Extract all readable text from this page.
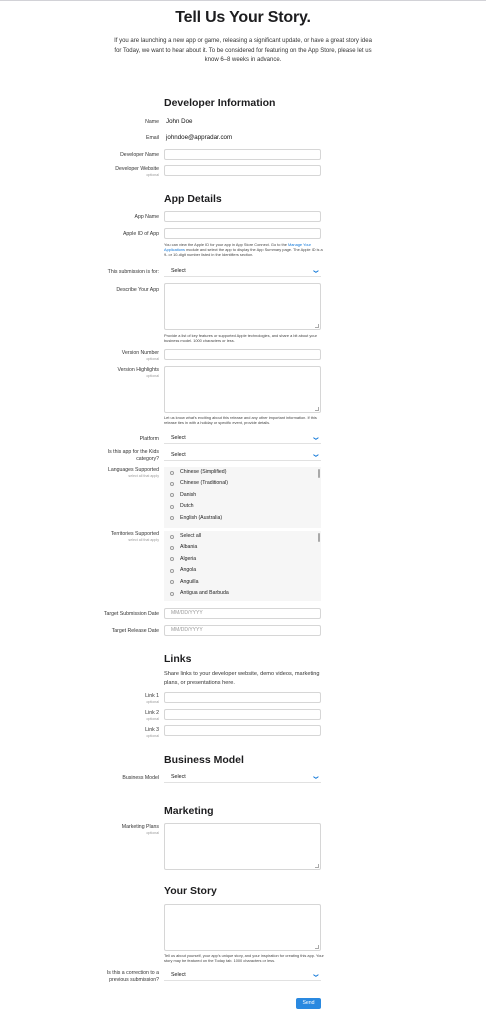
Tell Us Your Story.

If you are launching a new app or game, releasing a significant update, or have a great story idea for Today, we want to hear about it. To be considered for featuring on the App Store, please let us know 6–8 weeks in advance.

Developer Information
Name John Doe
Email johndoe@appradar.com
Developer Name
Developer Website
optional
App Details
App Name
Apple ID of App
You can view the Apple ID for your app in App Store Connect. Go to the Manage Your Applications module and select the app to display the App Summary page. The Apple ID is a 9- or 10-digit number listed in the Identifiers section.
This submission is for:	Select	❯
Describe Your App
Provide a list of key features or supported Apple technologies, and share a bit about your business model. 1000 characters or less.
Version Number
optional
Version Highlights
optional
Let us know what's exciting about this release and any other important information. If this release ties in with a holiday or specific event, provide details.
Platform	Select	❯
Is this app for the Kids
category?
Select	❯
Languages Supported
select all that apply
Chinese (Simplified)
Chinese (Traditional)
Danish
Dutch
English (Australia)
Territories Supported
select all that apply
Select all
Albania
Algeria
Angola
Anguilla
Antigua and Barbuda
Target Submission Date	MM/DD/YYYY
Target Release Date	MM/DD/YYYY
Links
Share links to your developer website, demo videos, marketing plans, or presentations here.
Link 1
optional
Link 2
optional
Link 3
optional
Business Model
Business Model	Select	❯
Marketing
Marketing Plans
optional
Your Story
Tell us about yourself, your app's unique story, and your inspiration for creating this app. Your story may be featured on the Today tab. 1000 characters or less.
Is this a correction to a
previous submission?
Select	❯
Send
